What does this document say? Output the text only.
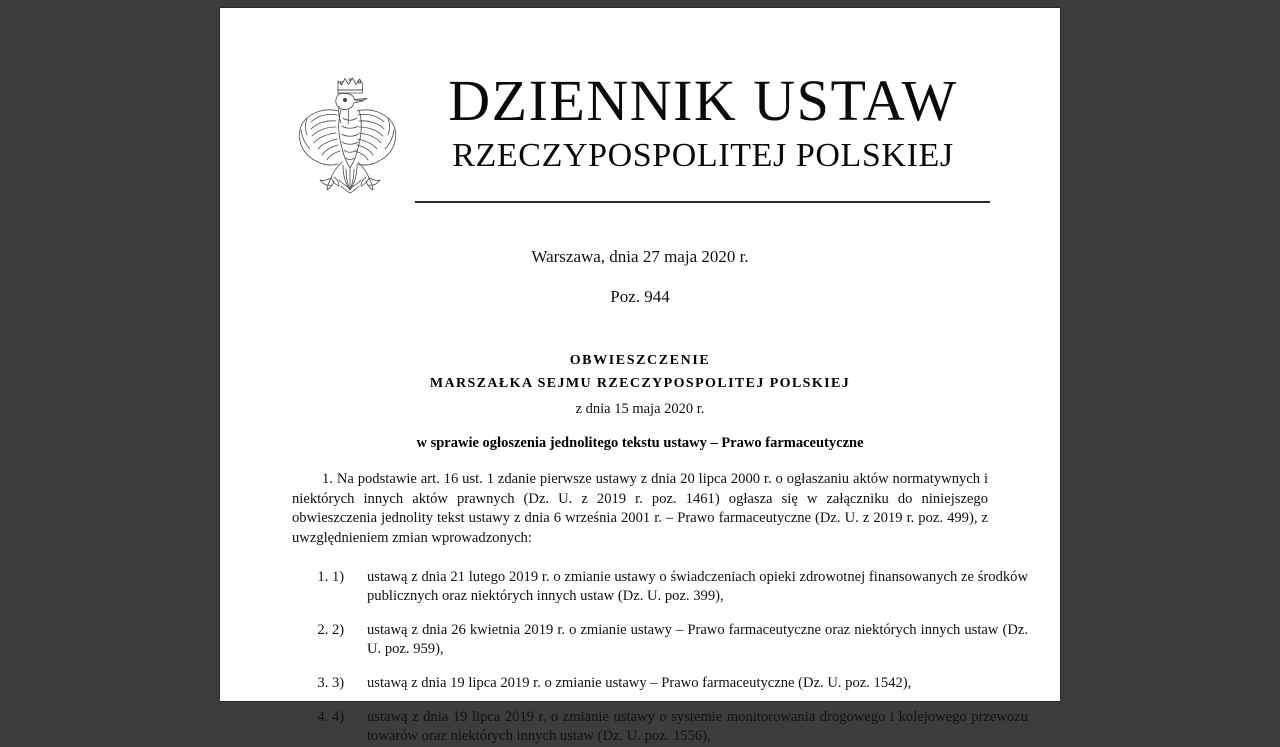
DZIENNIK USTAW
RZECZYPOSPOLITEJ POLSKIEJ
Warszawa, dnia 27 maja 2020 r.
Poz. 944
OBWIESZCZENIE
MARSZAŁKA SEJMU RZECZYPOSPOLITEJ POLSKIEJ
z dnia 15 maja 2020 r.
w sprawie ogłoszenia jednolitego tekstu ustawy – Prawo farmaceutyczne
1. Na podstawie art. 16 ust. 1 zdanie pierwsze ustawy z dnia 20 lipca 2000 r. o ogłaszaniu aktów normatywnych i niektórych innych aktów prawnych (Dz. U. z 2019 r. poz. 1461) ogłasza się w załączniku do niniejszego obwieszczenia jednolity tekst ustawy z dnia 6 września 2001 r. – Prawo farmaceutyczne (Dz. U. z 2019 r. poz. 499), z uwzględnieniem zmian wprowadzonych:
1. 1)	ustawą z dnia 21 lutego 2019 r. o zmianie ustawy o świadczeniach opieki zdrowotnej finansowanych ze środków publicznych oraz niektórych innych ustaw (Dz. U. poz. 399),
2. 2)	ustawą z dnia 26 kwietnia 2019 r. o zmianie ustawy – Prawo farmaceutyczne oraz niektórych innych ustaw (Dz. U. poz. 959),
3. 3)	ustawą z dnia 19 lipca 2019 r. o zmianie ustawy – Prawo farmaceutyczne (Dz. U. poz. 1542),
4. 4)	ustawą z dnia 19 lipca 2019 r. o zmianie ustawy o systemie monitorowania drogowego i kolejowego przewozu towarów oraz niektórych innych ustaw (Dz. U. poz. 1556),
